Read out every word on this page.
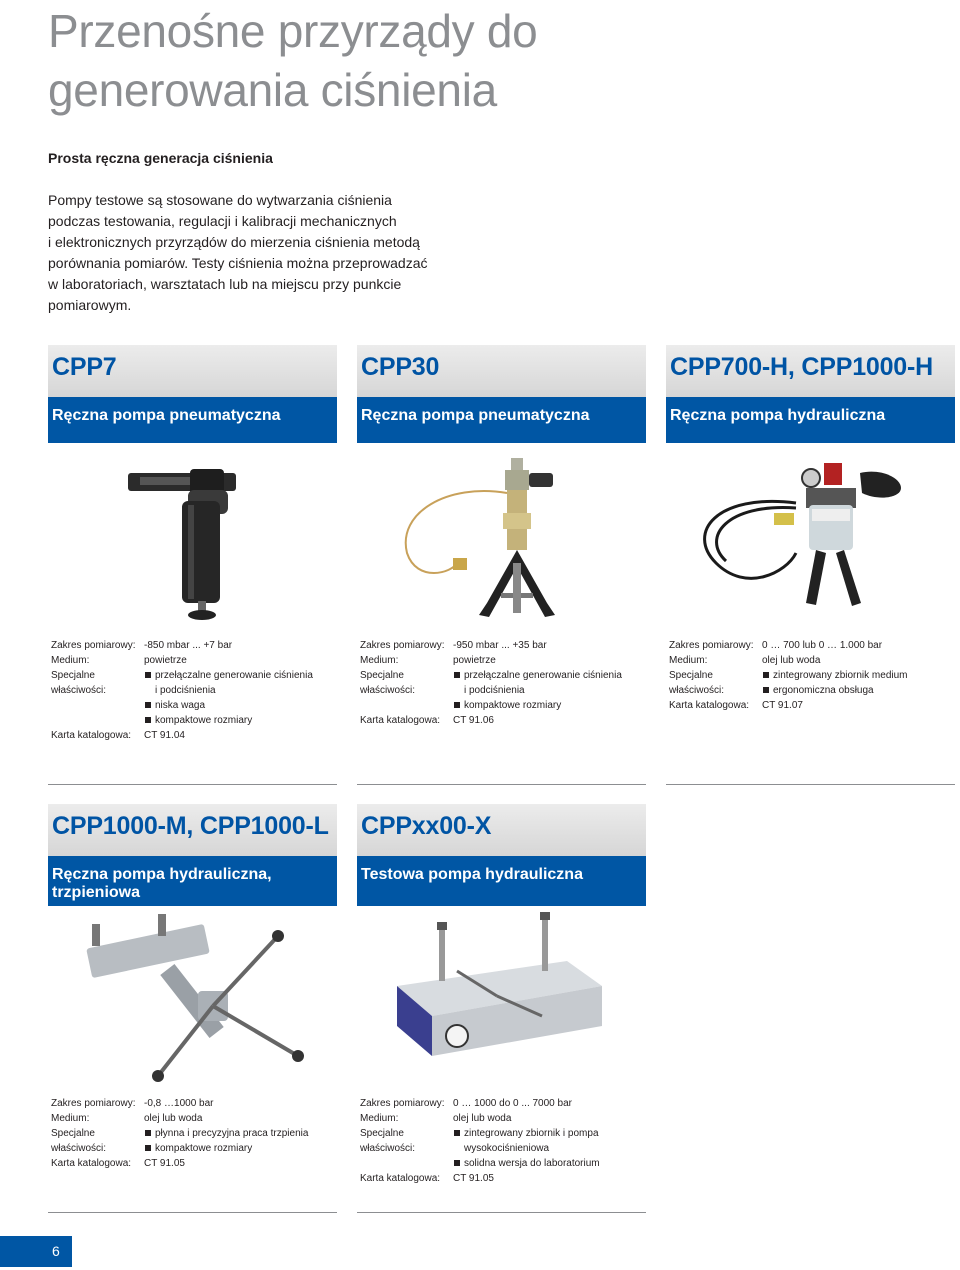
Przenośne przyrządy do
generowania ciśnienia
Prosta ręczna generacja ciśnienia
Pompy testowe są stosowane do wytwarzania ciśnienia
podczas testowania, regulacji i kalibracji mechanicznych
i elektronicznych przyrządów do mierzenia ciśnienia metodą
porównania pomiarów. Testy ciśnienia można przeprowadzać
w laboratoriach, warsztatach lub na miejscu przy punkcie
pomiarowym.
CPP7
Ręczna pompa pneumatyczna
Zakres pomiarowy: -850 mbar ... +7 bar
Medium:	powietrze
Specjalne
właściwości:
przełączalne generowanie ciśnienia
i podciśnienia
niska waga
kompaktowe rozmiary
Karta katalogowa:	CT 91.04
CPP30
Ręczna pompa pneumatyczna
Zakres pomiarowy: -950 mbar ... +35 bar
Medium:	powietrze
Specjalne
właściwości:
przełączalne generowanie ciśnienia
i podciśnienia
kompaktowe rozmiary
Karta katalogowa:	CT 91.06
CPP700-H, CPP1000-H
Ręczna pompa hydrauliczna
Zakres pomiarowy: 0 … 700 lub 0 … 1.000 bar
Medium:	olej lub woda
Specjalne
właściwości:
zintegrowany zbiornik medium
ergonomiczna obsługa
Karta katalogowa:	CT 91.07
CPP1000-M, CPP1000-L
Ręczna pompa hydrauliczna,
trzpieniowa
Zakres pomiarowy: -0,8 …1000 bar
Medium:	olej lub woda
Specjalne
właściwości:
płynna i precyzyjna praca trzpienia
kompaktowe rozmiary
Karta katalogowa:	CT 91.05
CPPxx00-X
Testowa pompa hydrauliczna
Zakres pomiarowy: 0 … 1000 do 0 ... 7000 bar
Medium:	olej lub woda
Specjalne
właściwości:
zintegrowany zbiornik i pompa
wysokociśnieniowa
solidna wersja do laboratorium
Karta katalogowa:	CT 91.05
6
